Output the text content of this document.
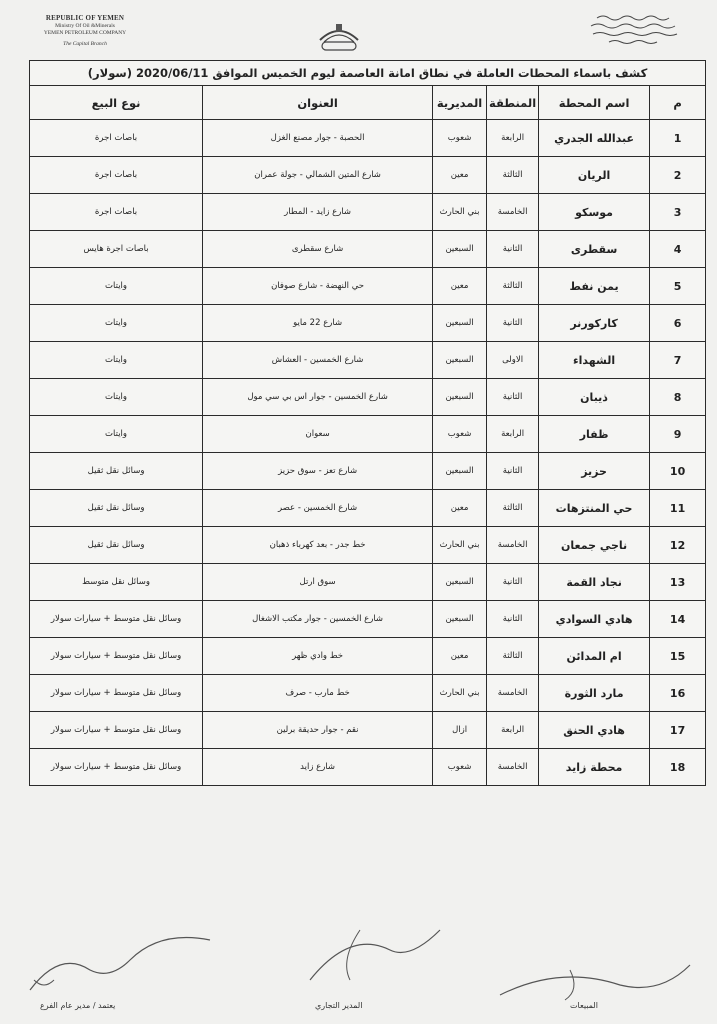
REPUBLIC OF YEMEN
Ministry Of Oil &Minerals
YEMEN PETROLEUM COMPANY
The Capital Branch
كشف باسماء المحطات العاملة في نطاق امانة العاصمة ليوم الخميس الموافق 2020/06/11 (سولار)					
م	اسم المحطة	المنطقة	المديرية	العنوان	نوع البيع
1	عبدالله الجدري	الرابعة	شعوب	الحصبة - جوار مصنع الغزل	باصات اجرة
2	الريان	الثالثة	معين	شارع المتين الشمالي - جولة عمران	باصات اجرة
3	موسكو	الخامسة	بني الحارث	شارع زايد - المطار	باصات اجرة
4	سقطرى	الثانية	السبعين	شارع سقطرى	باصات اجرة هايس
5	يمن نفط	الثالثة	معين	حي النهضة - شارع صوفان	وايتات
6	كاركورنر	الثانية	السبعين	شارع 22 مايو	وايتات
7	الشهداء	الاولى	السبعين	شارع الخمسين - العشاش	وايتات
8	ذيبان	الثانية	السبعين	شارع الخمسين - جوار اس بي سي مول	وايتات
9	ظفار	الرابعة	شعوب	سعوان	وايتات
10	حزيز	الثانية	السبعين	شارع تعز - سوق حزيز	وسائل نقل ثقيل
11	حي المنتزهات	الثالثة	معين	شارع الخمسين - عصر	وسائل نقل ثقيل
12	ناجي جمعان	الخامسة	بني الحارث	خط جدر - بعد كهرباء ذهبان	وسائل نقل ثقيل
13	نجاد القمة	الثانية	السبعين	سوق ارتل	وسائل نقل متوسط
14	هادي السوادي	الثانية	السبعين	شارع الخمسين - جوار مكتب الاشغال	وسائل نقل متوسط + سيارات سولار
15	ام المدائن	الثالثة	معين	خط وادي ظهر	وسائل نقل متوسط + سيارات سولار
16	مارد الثورة	الخامسة	بني الحارث	خط مارب - صرف	وسائل نقل متوسط + سيارات سولار
17	هادي الحنق	الرابعة	ازال	نقم - جوار حديقة برلين	وسائل نقل متوسط + سيارات سولار
18	محطة زايد	الخامسة	شعوب	شارع زايد	وسائل نقل متوسط + سيارات سولار
يعتمد / مدير عام الفرع	المدير التجاري	المبيعات
